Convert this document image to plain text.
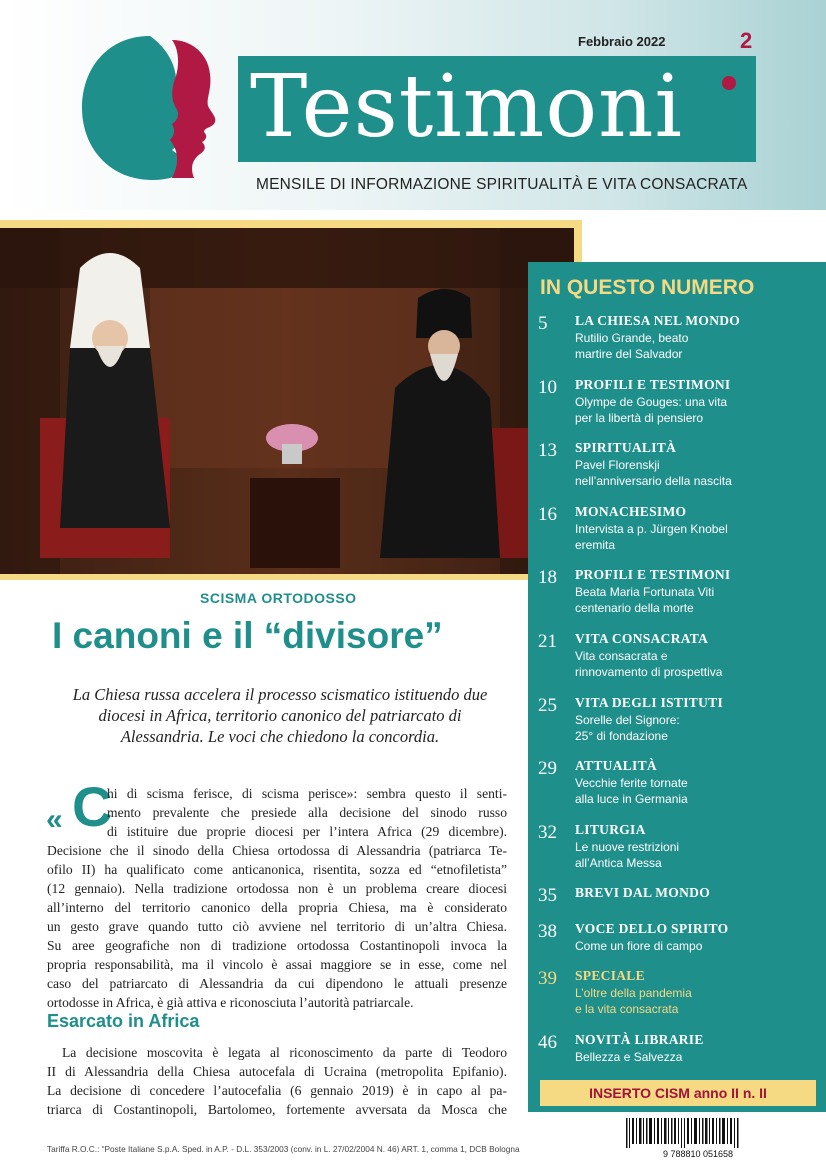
Febbraio 2022	2
Testimoni
MENSILE DI INFORMAZIONE SPIRITUALITÀ E VITA CONSACRATA
SCISMA ORTODOSSO
I canoni e il “divisore”
La Chiesa russa accelera il processo scismatico istituendo due diocesi in Africa, territorio canonico del patriarcato di Alessandria. Le voci che chiedono la concordia.
« C
hi di scisma ferisce, di scisma perisce»: sembra questo il senti-
mento prevalente che presiede alla decisione del sinodo russo
di istituire due proprie diocesi per l’intera Africa (29 dicembre).
Decisione che il sinodo della Chiesa ortodossa di Alessandria (patriarca Te-
ofilo II) ha qualificato come anticanonica, risentita, sozza ed “etnofiletista”
(12 gennaio). Nella tradizione ortodossa non è un problema creare diocesi
all’interno del territorio canonico della propria Chiesa, ma è considerato
un gesto grave quando tutto ciò avviene nel territorio di un’altra Chiesa.
Su aree geografiche non di tradizione ortodossa Costantinopoli invoca la
propria responsabilità, ma il vincolo è assai maggiore se in esse, come nel
caso del patriarcato di Alessandria da cui dipendono le attuali presenze
ortodosse in Africa, è già attiva e riconosciuta l’autorità patriarcale.
Esarcato in Africa
La decisione moscovita è legata al riconoscimento da parte di Teodoro
II di Alessandria della Chiesa autocefala di Ucraina (metropolita Epifanio).
La decisione di concedere l’autocefalia (6 gennaio 2019) è in capo al pa-
triarca di Costantinopoli, Bartolomeo, fortemente avversata da Mosca che
IN QUESTO NUMERO
5 LA CHIESA NEL MONDO
Rutilio Grande, beato
martire del Salvador
10 PROFILI E TESTIMONI
Olympe de Gouges: una vita
per la libertà di pensiero
13 SPIRITUALITÀ
Pavel Florenskji
nell’anniversario della nascita
16 MONACHESIMO
Intervista a p. Jürgen Knobel
eremita
18 PROFILI E TESTIMONI
Beata Maria Fortunata Viti
centenario della morte
21 VITA CONSACRATA
Vita consacrata e
rinnovamento di prospettiva
25 VITA DEGLI ISTITUTI
Sorelle del Signore:
25° di fondazione
29 ATTUALITÀ
Vecchie ferite tornate
alla luce in Germania
32 LITURGIA
Le nuove restrizioni
all’Antica Messa
35 BREVI DAL MONDO
38 VOCE DELLO SPIRITO
Come un fiore di campo
39 SPECIALE
L’oltre della pandemia
e la vita consacrata
46 NOVITÀ LIBRARIE
Bellezza e Salvezza
INSERTO CISM anno II n. II
Tariffa R.O.C.: “Poste Italiane S.p.A. Sped. in A.P. - D.L. 353/2003 (conv. in L. 27/02/2004 N. 46) ART. 1, comma 1, DCB Bologna	9 788810 051658
